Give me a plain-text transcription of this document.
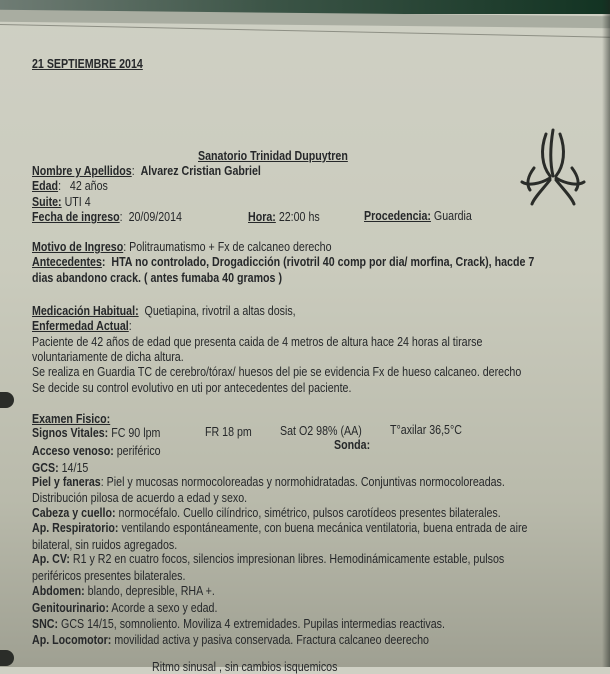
21 SEPTIEMBRE 2014
Sanatorio Trinidad Dupuytren
Nombre y Apellidos:  Alvarez Cristian Gabriel
Edad:   42 años
Suite: UTI 4
Fecha de ingreso:  20/09/2014	Hora: 22:00 hs	Procedencia: Guardia
Motivo de Ingreso: Politraumatismo + Fx de calcaneo derecho
Antecedentes:  HTA no controlado, Drogadicción (rivotril 40 comp por dia/ morfina, Crack), hacde 7
dias abandono crack. ( antes fumaba 40 gramos )
Medicación Habitual: Quetiapina, rivotril a altas dosis,
Enfermedad Actual:
Paciente de 42 años de edad que presenta caida de 4 metros de altura hace 24 horas al tirarse
voluntariamente de dicha altura.
Se realiza en Guardia TC de cerebro/tórax/ huesos del pie se evidencia Fx de hueso calcaneo. derecho
Se decide su control evolutivo en uti por antecedentes del paciente.
Examen Fisico:
Signos Vitales: FC 90 lpm	FR 18 pm Sat O2 98% (AA) T°axilar 36,5°C
Acceso venoso: periférico	Sonda:
GCS: 14/15
Piel y faneras: Piel y mucosas normocoloreadas y normohidratadas. Conjuntivas normocoloreadas.
Distribución pilosa de acuerdo a edad y sexo.
Cabeza y cuello: normocéfalo. Cuello cilíndrico, simétrico, pulsos carotídeos presentes bilaterales.
Ap. Respiratorio: ventilando espontáneamente, con buena mecánica ventilatoria, buena entrada de aire
bilateral, sin ruidos agregados.
Ap. CV: R1 y R2 en cuatro focos, silencios impresionan libres. Hemodinámicamente estable, pulsos
periféricos presentes bilaterales.
Abdomen: blando, depresible, RHA +.
Genitourinario: Acorde a sexo y edad.
SNC: GCS 14/15, somnoliento. Moviliza 4 extremidades. Pupilas intermedias reactivas.
Ap. Locomotor: movilidad activa y pasiva conservada. Fractura calcaneo deerecho
Ritmo sinusal , sin cambios isquemicos
